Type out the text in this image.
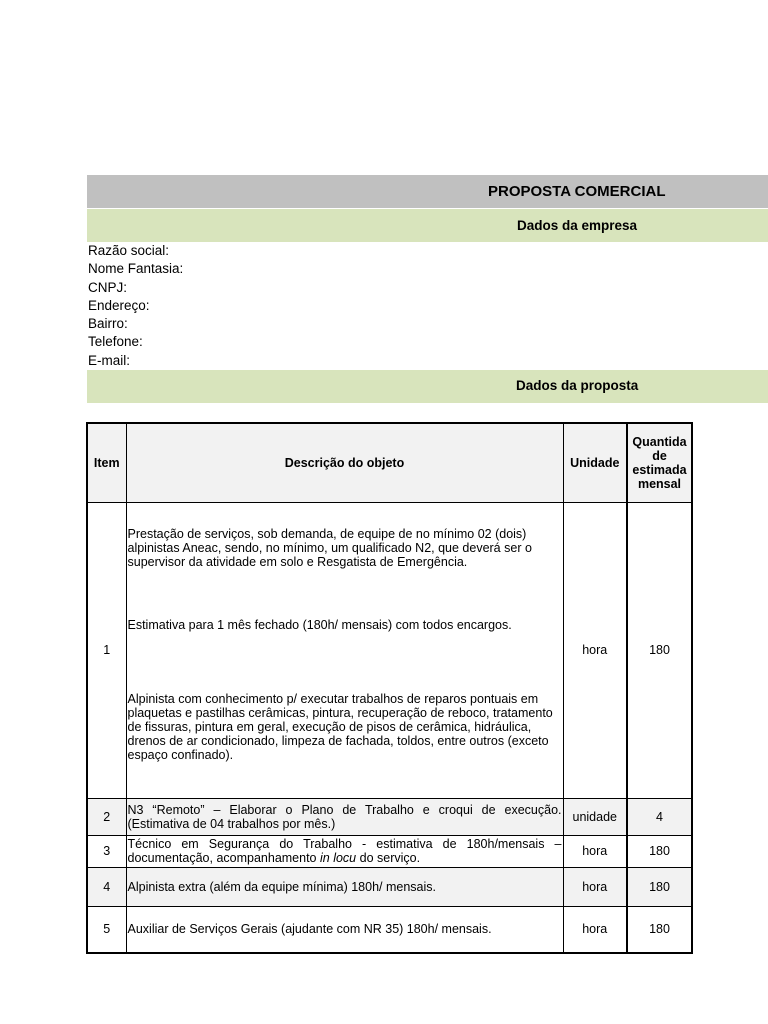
PROPOSTA COMERCIAL
Dados da empresa
Razão social:
Nome Fantasia:
CNPJ:
Endereço:
Bairro:
Telefone:
E-mail:
Dados da proposta
Item	Descrição do objeto	Unidade	Quantida de estimada mensal
1	Prestação de serviços, sob demanda, de equipe de no mínimo 02 (dois) alpinistas Aneac, sendo, no mínimo, um qualificado N2, que deverá ser o supervisor da atividade em solo e Resgatista de Emergência.

Estimativa para 1 mês fechado (180h/ mensais) com todos encargos.

Alpinista com conhecimento p/ executar trabalhos de reparos pontuais em plaquetas e pastilhas cerâmicas, pintura, recuperação de reboco, tratamento de fissuras, pintura em geral, execução de pisos de cerâmica, hidráulica, drenos de ar condicionado, limpeza de fachada, toldos, entre outros (exceto espaço confinado).	hora	180
2	N3 “Remoto” – Elaborar o Plano de Trabalho e croqui de execução. (Estimativa de 04 trabalhos por mês.)	unidade	4
3	Técnico em Segurança do Trabalho - estimativa de 180h/mensais – documentação, acompanhamento in locu do serviço.	hora	180
4	Alpinista extra (além da equipe mínima) 180h/ mensais.	hora	180
5	Auxiliar de Serviços Gerais (ajudante com NR 35) 180h/ mensais.	hora	180
